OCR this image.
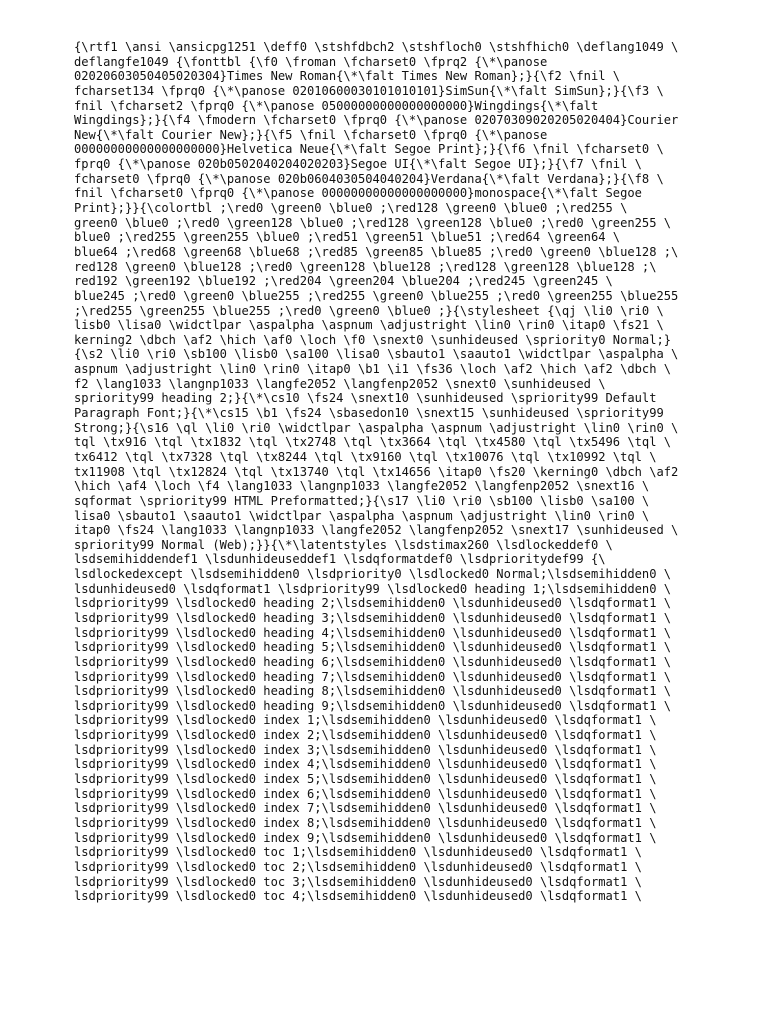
{\rtf1 \ansi \ansicpg1251 \deff0 \stshfdbch2 \stshfloch0 \stshfhich0 \deflang1049 \
deflangfe1049 {\fonttbl {\f0 \froman \fcharset0 \fprq2 {\*\panose
02020603050405020304}Times New Roman{\*\falt Times New Roman};}{\f2 \fnil \
fcharset134 \fprq0 {\*\panose 02010600030101010101}SimSun{\*\falt SimSun};}{\f3 \
fnil \fcharset2 \fprq0 {\*\panose 05000000000000000000}Wingdings{\*\falt
Wingdings};}{\f4 \fmodern \fcharset0 \fprq0 {\*\panose 02070309020205020404}Courier
New{\*\falt Courier New};}{\f5 \fnil \fcharset0 \fprq0 {\*\panose
00000000000000000000}Helvetica Neue{\*\falt Segoe Print};}{\f6 \fnil \fcharset0 \
fprq0 {\*\panose 020b0502040204020203}Segoe UI{\*\falt Segoe UI};}{\f7 \fnil \
fcharset0 \fprq0 {\*\panose 020b0604030504040204}Verdana{\*\falt Verdana};}{\f8 \
fnil \fcharset0 \fprq0 {\*\panose 00000000000000000000}monospace{\*\falt Segoe
Print};}}{\colortbl ;\red0 \green0 \blue0 ;\red128 \green0 \blue0 ;\red255 \
green0 \blue0 ;\red0 \green128 \blue0 ;\red128 \green128 \blue0 ;\red0 \green255 \
blue0 ;\red255 \green255 \blue0 ;\red51 \green51 \blue51 ;\red64 \green64 \
blue64 ;\red68 \green68 \blue68 ;\red85 \green85 \blue85 ;\red0 \green0 \blue128 ;\
red128 \green0 \blue128 ;\red0 \green128 \blue128 ;\red128 \green128 \blue128 ;\
red192 \green192 \blue192 ;\red204 \green204 \blue204 ;\red245 \green245 \
blue245 ;\red0 \green0 \blue255 ;\red255 \green0 \blue255 ;\red0 \green255 \blue255
;\red255 \green255 \blue255 ;\red0 \green0 \blue0 ;}{\stylesheet {\qj \li0 \ri0 \
lisb0 \lisa0 \widctlpar \aspalpha \aspnum \adjustright \lin0 \rin0 \itap0 \fs21 \
kerning2 \dbch \af2 \hich \af0 \loch \f0 \snext0 \sunhideused \spriority0 Normal;}
{\s2 \li0 \ri0 \sb100 \lisb0 \sa100 \lisa0 \sbauto1 \saauto1 \widctlpar \aspalpha \
aspnum \adjustright \lin0 \rin0 \itap0 \b1 \i1 \fs36 \loch \af2 \hich \af2 \dbch \
f2 \lang1033 \langnp1033 \langfe2052 \langfenp2052 \snext0 \sunhideused \
spriority99 heading 2;}{\*\cs10 \fs24 \snext10 \sunhideused \spriority99 Default
Paragraph Font;}{\*\cs15 \b1 \fs24 \sbasedon10 \snext15 \sunhideused \spriority99
Strong;}{\s16 \ql \li0 \ri0 \widctlpar \aspalpha \aspnum \adjustright \lin0 \rin0 \
tql \tx916 \tql \tx1832 \tql \tx2748 \tql \tx3664 \tql \tx4580 \tql \tx5496 \tql \
tx6412 \tql \tx7328 \tql \tx8244 \tql \tx9160 \tql \tx10076 \tql \tx10992 \tql \
tx11908 \tql \tx12824 \tql \tx13740 \tql \tx14656 \itap0 \fs20 \kerning0 \dbch \af2
\hich \af4 \loch \f4 \lang1033 \langnp1033 \langfe2052 \langfenp2052 \snext16 \
sqformat \spriority99 HTML Preformatted;}{\s17 \li0 \ri0 \sb100 \lisb0 \sa100 \
lisa0 \sbauto1 \saauto1 \widctlpar \aspalpha \aspnum \adjustright \lin0 \rin0 \
itap0 \fs24 \lang1033 \langnp1033 \langfe2052 \langfenp2052 \snext17 \sunhideused \
spriority99 Normal (Web);}}{\*\latentstyles \lsdstimax260 \lsdlockeddef0 \
lsdsemihiddendef1 \lsdunhideuseddef1 \lsdqformatdef0 \lsdprioritydef99 {\
lsdlockedexcept \lsdsemihidden0 \lsdpriority0 \lsdlocked0 Normal;\lsdsemihidden0 \
lsdunhideused0 \lsdqformat1 \lsdpriority99 \lsdlocked0 heading 1;\lsdsemihidden0 \
lsdpriority99 \lsdlocked0 heading 2;\lsdsemihidden0 \lsdunhideused0 \lsdqformat1 \
lsdpriority99 \lsdlocked0 heading 3;\lsdsemihidden0 \lsdunhideused0 \lsdqformat1 \
lsdpriority99 \lsdlocked0 heading 4;\lsdsemihidden0 \lsdunhideused0 \lsdqformat1 \
lsdpriority99 \lsdlocked0 heading 5;\lsdsemihidden0 \lsdunhideused0 \lsdqformat1 \
lsdpriority99 \lsdlocked0 heading 6;\lsdsemihidden0 \lsdunhideused0 \lsdqformat1 \
lsdpriority99 \lsdlocked0 heading 7;\lsdsemihidden0 \lsdunhideused0 \lsdqformat1 \
lsdpriority99 \lsdlocked0 heading 8;\lsdsemihidden0 \lsdunhideused0 \lsdqformat1 \
lsdpriority99 \lsdlocked0 heading 9;\lsdsemihidden0 \lsdunhideused0 \lsdqformat1 \
lsdpriority99 \lsdlocked0 index 1;\lsdsemihidden0 \lsdunhideused0 \lsdqformat1 \
lsdpriority99 \lsdlocked0 index 2;\lsdsemihidden0 \lsdunhideused0 \lsdqformat1 \
lsdpriority99 \lsdlocked0 index 3;\lsdsemihidden0 \lsdunhideused0 \lsdqformat1 \
lsdpriority99 \lsdlocked0 index 4;\lsdsemihidden0 \lsdunhideused0 \lsdqformat1 \
lsdpriority99 \lsdlocked0 index 5;\lsdsemihidden0 \lsdunhideused0 \lsdqformat1 \
lsdpriority99 \lsdlocked0 index 6;\lsdsemihidden0 \lsdunhideused0 \lsdqformat1 \
lsdpriority99 \lsdlocked0 index 7;\lsdsemihidden0 \lsdunhideused0 \lsdqformat1 \
lsdpriority99 \lsdlocked0 index 8;\lsdsemihidden0 \lsdunhideused0 \lsdqformat1 \
lsdpriority99 \lsdlocked0 index 9;\lsdsemihidden0 \lsdunhideused0 \lsdqformat1 \
lsdpriority99 \lsdlocked0 toc 1;\lsdsemihidden0 \lsdunhideused0 \lsdqformat1 \
lsdpriority99 \lsdlocked0 toc 2;\lsdsemihidden0 \lsdunhideused0 \lsdqformat1 \
lsdpriority99 \lsdlocked0 toc 3;\lsdsemihidden0 \lsdunhideused0 \lsdqformat1 \
lsdpriority99 \lsdlocked0 toc 4;\lsdsemihidden0 \lsdunhideused0 \lsdqformat1 \
